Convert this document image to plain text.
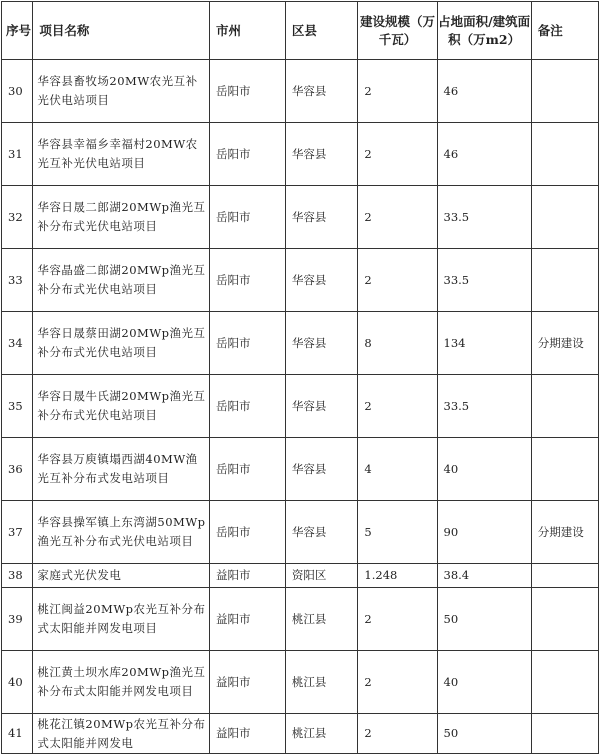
序号	项目名称	市州	区县	建设规模（万千瓦）	占地面积/建筑面积（万m2）	备注
30	华容县畜牧场20MW农光互补光伏电站项目	岳阳市	华容县	2	46	
31	华容县幸福乡幸福村20MW农光互补光伏电站项目	岳阳市	华容县	2	46	
32	华容日晟二郎湖20MWp渔光互补分布式光伏电站项目	岳阳市	华容县	2	33.5	
33	华容晶盛二郎湖20MWp渔光互补分布式光伏电站项目	岳阳市	华容县	2	33.5	
34	华容日晟蔡田湖20MWp渔光互补分布式光伏电站项目	岳阳市	华容县	8	134	分期建设
35	华容日晟牛氏湖20MWp渔光互补分布式光伏电站项目	岳阳市	华容县	2	33.5	
36	华容县万庾镇塌西湖40MW渔光互补分布式发电站项目	岳阳市	华容县	4	40	
37	华容县操军镇上东湾湖50MWp渔光互补分布式光伏电站项目	岳阳市	华容县	5	90	分期建设
38	家庭式光伏发电	益阳市	资阳区	1.248	38.4	
39	桃江闽益20MWp农光互补分布式太阳能并网发电项目	益阳市	桃江县	2	50	
40	桃江黄土坝水库20MWp渔光互补分布式太阳能并网发电项目	益阳市	桃江县	2	40	
41	桃花江镇20MWp农光互补分布式太阳能并网发电	益阳市	桃江县	2	50	
